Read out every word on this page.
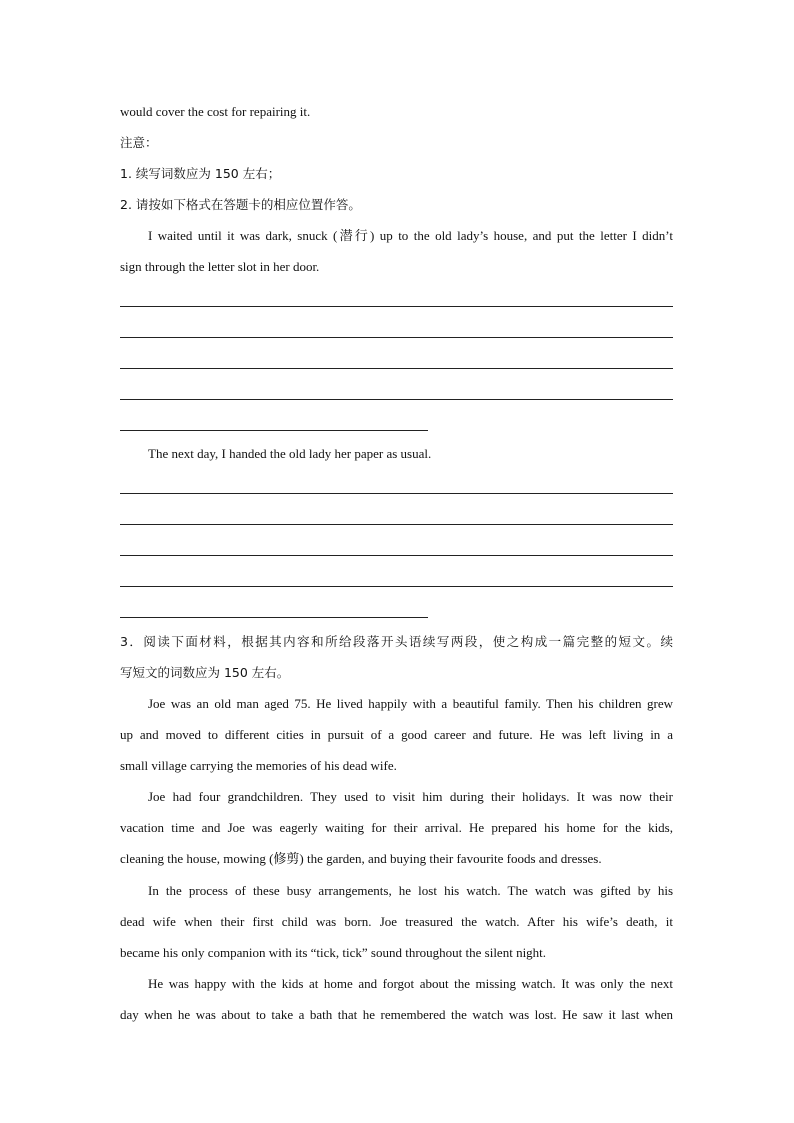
would cover the cost for repairing it.
注意：
1. 续写词数应为 150 左右；
2. 请按如下格式在答题卡的相应位置作答。
I waited until it was dark, snuck (潜行) up to the old lady’s house, and put the letter I didn’t
sign through the letter slot in her door.
The next day, I handed the old lady her paper as usual.
3．阅读下面材料，根据其内容和所给段落开头语续写两段，使之构成一篇完整的短文。续
写短文的词数应为 150 左右。
Joe was an old man aged 75. He lived happily with a beautiful family. Then his children grew
up and moved to different cities in pursuit of a good career and future. He was left living in a
small village carrying the memories of his dead wife.
Joe had four grandchildren. They used to visit him during their holidays. It was now their
vacation time and Joe was eagerly waiting for their arrival. He prepared his home for the kids,
cleaning the house, mowing (修剪) the garden, and buying their favourite foods and dresses.
In the process of these busy arrangements, he lost his watch. The watch was gifted by his
dead wife when their first child was born. Joe treasured the watch. After his wife’s death, it
became his only companion with its “tick, tick” sound throughout the silent night.
He was happy with the kids at home and forgot about the missing watch. It was only the next
day when he was about to take a bath that he remembered the watch was lost. He saw it last when
